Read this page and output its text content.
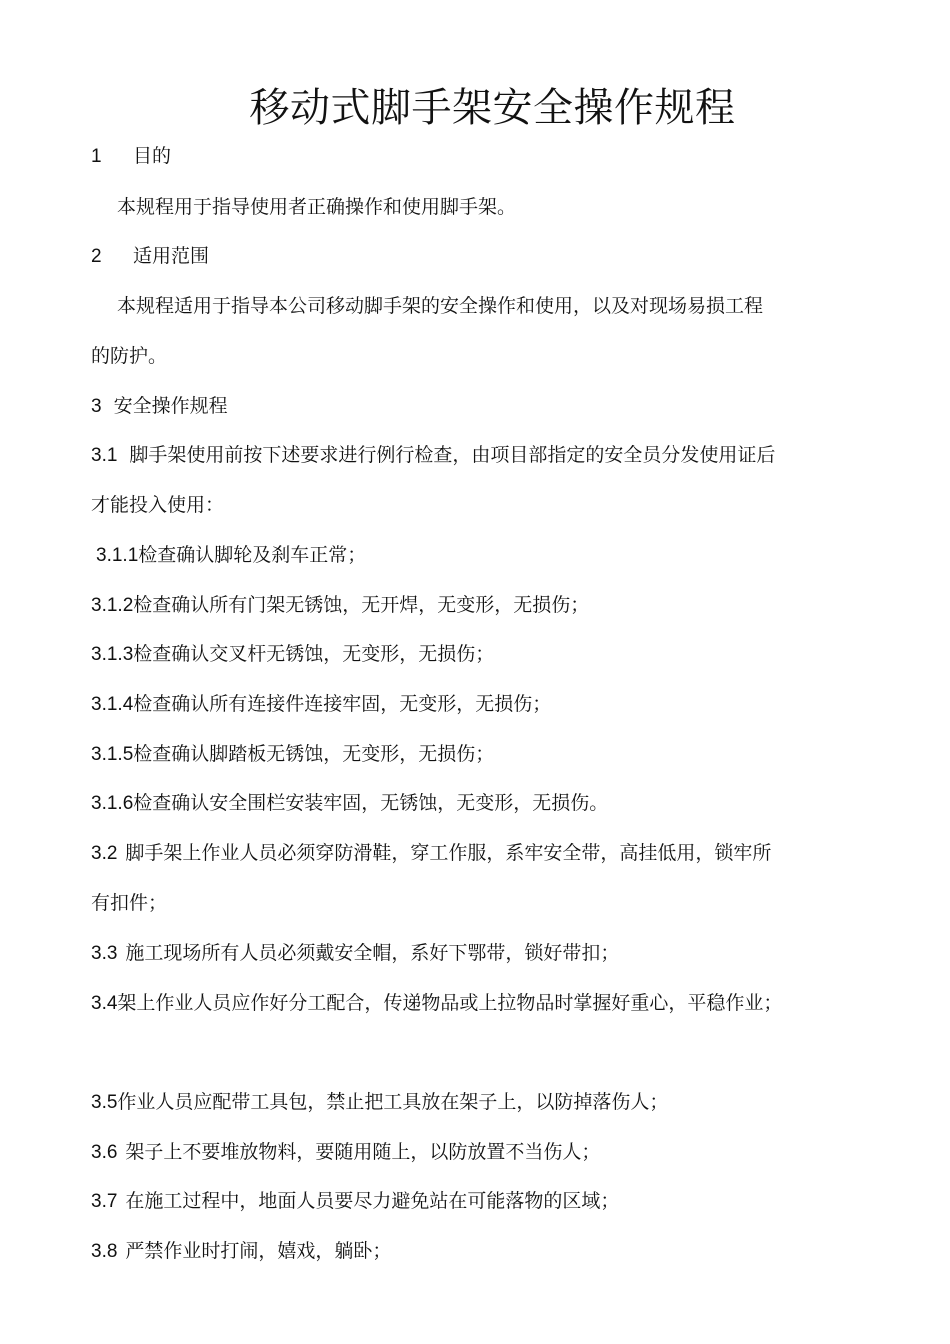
移动式脚手架安全操作规程

1 目的

本规程用于指导使用者正确操作和使用脚手架。

2 适用范围

本规程适用于指导本公司移动脚手架的安全操作和使用，以及对现场易损工程

的防护。

3 安全操作规程

3.1 脚手架使用前按下述要求进行例行检查，由项目部指定的安全员分发使用证后

才能投入使用：

3.1.1检查确认脚轮及刹车正常；

3.1.2检查确认所有门架无锈蚀，无开焊，无变形，无损伤；

3.1.3检查确认交叉杆无锈蚀，无变形，无损伤；

3.1.4检查确认所有连接件连接牢固，无变形，无损伤；

3.1.5检查确认脚踏板无锈蚀，无变形，无损伤；

3.1.6检查确认安全围栏安装牢固，无锈蚀，无变形，无损伤。

3.2 脚手架上作业人员必须穿防滑鞋，穿工作服，系牢安全带，高挂低用，锁牢所

有扣件；

3.3 施工现场所有人员必须戴安全帽，系好下鄂带，锁好带扣；

3.4架上作业人员应作好分工配合，传递物品或上拉物品时掌握好重心，平稳作业；

3.5作业人员应配带工具包，禁止把工具放在架子上，以防掉落伤人；

3.6 架子上不要堆放物料，要随用随上，以防放置不当伤人；

3.7 在施工过程中，地面人员要尽力避免站在可能落物的区域；

3.8 严禁作业时打闹，嬉戏，躺卧；
